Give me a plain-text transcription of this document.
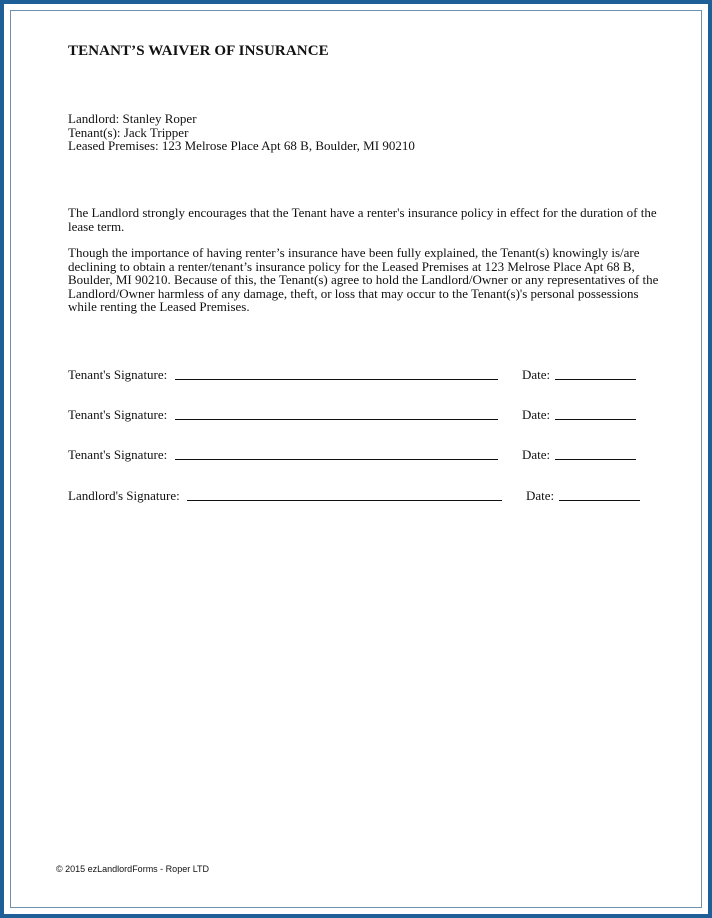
TENANT’S WAIVER OF INSURANCE
Landlord: Stanley Roper
Tenant(s): Jack Tripper
Leased Premises: 123 Melrose Place Apt 68 B, Boulder, MI 90210

The Landlord strongly encourages that the Tenant have a renter's insurance policy in effect for the duration of the lease term.

Though the importance of having renter’s insurance have been fully explained, the Tenant(s) knowingly is/are declining to obtain a renter/tenant’s insurance policy for the Leased Premises at 123 Melrose Place Apt 68 B, Boulder, MI 90210. Because of this, the Tenant(s) agree to hold the Landlord/Owner or any representatives of the Landlord/Owner harmless of any damage, theft, or loss that may occur to the Tenant(s)'s personal possessions while renting the Leased Premises.

Tenant's Signature:	Date:
Tenant's Signature:	Date:
Tenant's Signature:	Date:
Landlord's Signature:	Date:
© 2015 ezLandlordForms - Roper LTD
